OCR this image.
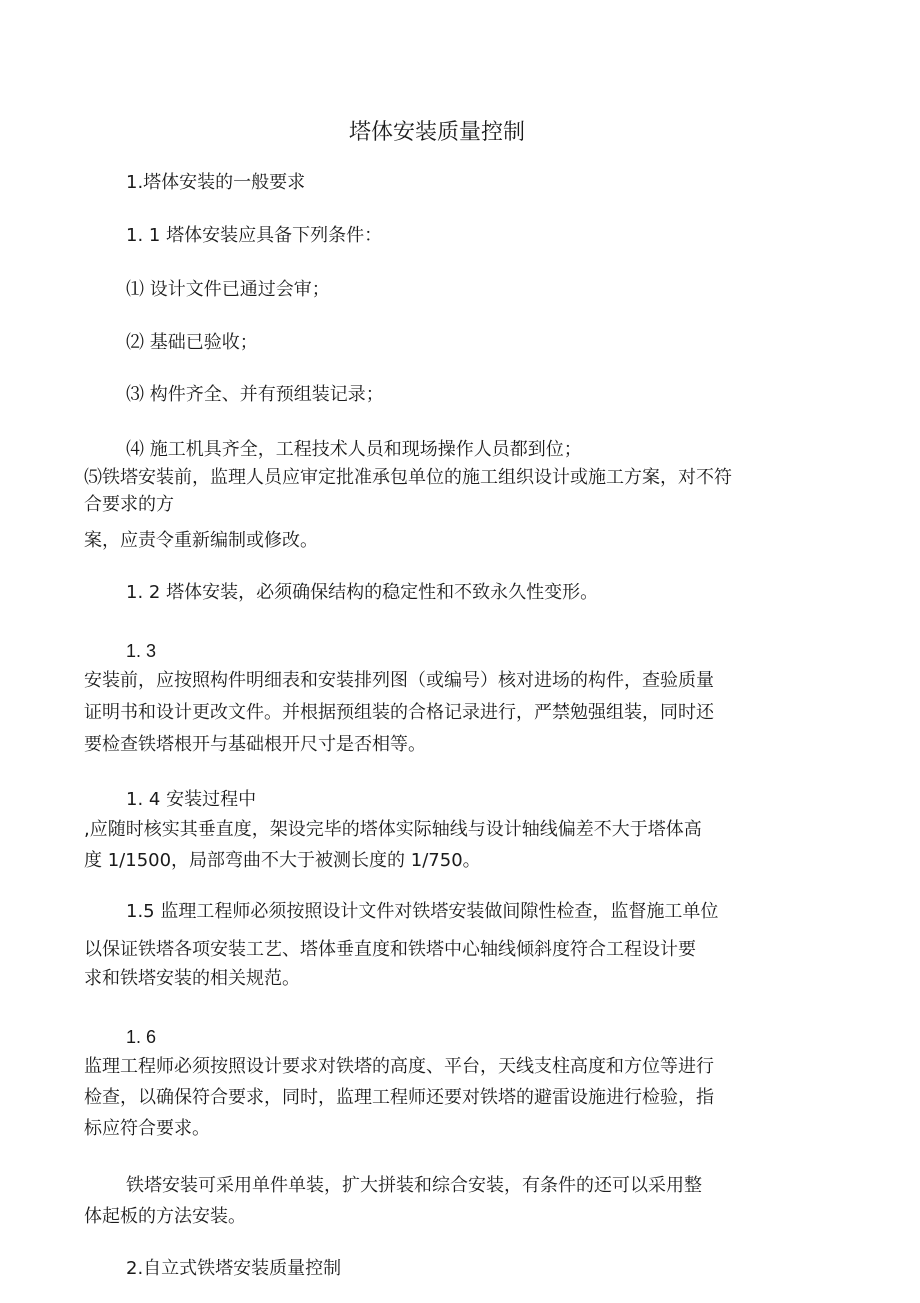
塔体安装质量控制
1.塔体安装的一般要求
1. 1 塔体安装应具备下列条件：
⑴ 设计文件已通过会审；
⑵ 基础已验收；
⑶ 构件齐全、并有预组装记录；
⑷ 施工机具齐全，工程技术人员和现场操作人员都到位；
⑸铁塔安装前，监理人员应审定批准承包单位的施工组织设计或施工方案，对不符
合要求的方
案，应责令重新编制或修改。
1. 2 塔体安装，必须确保结构的稳定性和不致永久性变形。
1. 3
安装前，应按照构件明细表和安装排列图（或编号）核对进场的构件，查验质量
证明书和设计更改文件。并根据预组装的合格记录进行，严禁勉强组装，同时还
要检查铁塔根开与基础根开尺寸是否相等。
1. 4 安装过程中
,应随时核实其垂直度，架设完毕的塔体实际轴线与设计轴线偏差不大于塔体高
度 1/1500，局部弯曲不大于被测长度的 1/750。
1.5 监理工程师必须按照设计文件对铁塔安装做间隙性检查，监督施工单位
以保证铁塔各项安装工艺、塔体垂直度和铁塔中心轴线倾斜度符合工程设计要
求和铁塔安装的相关规范。
1. 6
监理工程师必须按照设计要求对铁塔的高度、平台，天线支柱高度和方位等进行
检查，以确保符合要求，同时，监理工程师还要对铁塔的避雷设施进行检验，指
标应符合要求。
铁塔安装可采用单件单装，扩大拼装和综合安装，有条件的还可以采用整
体起板的方法安装。
2.自立式铁塔安装质量控制
